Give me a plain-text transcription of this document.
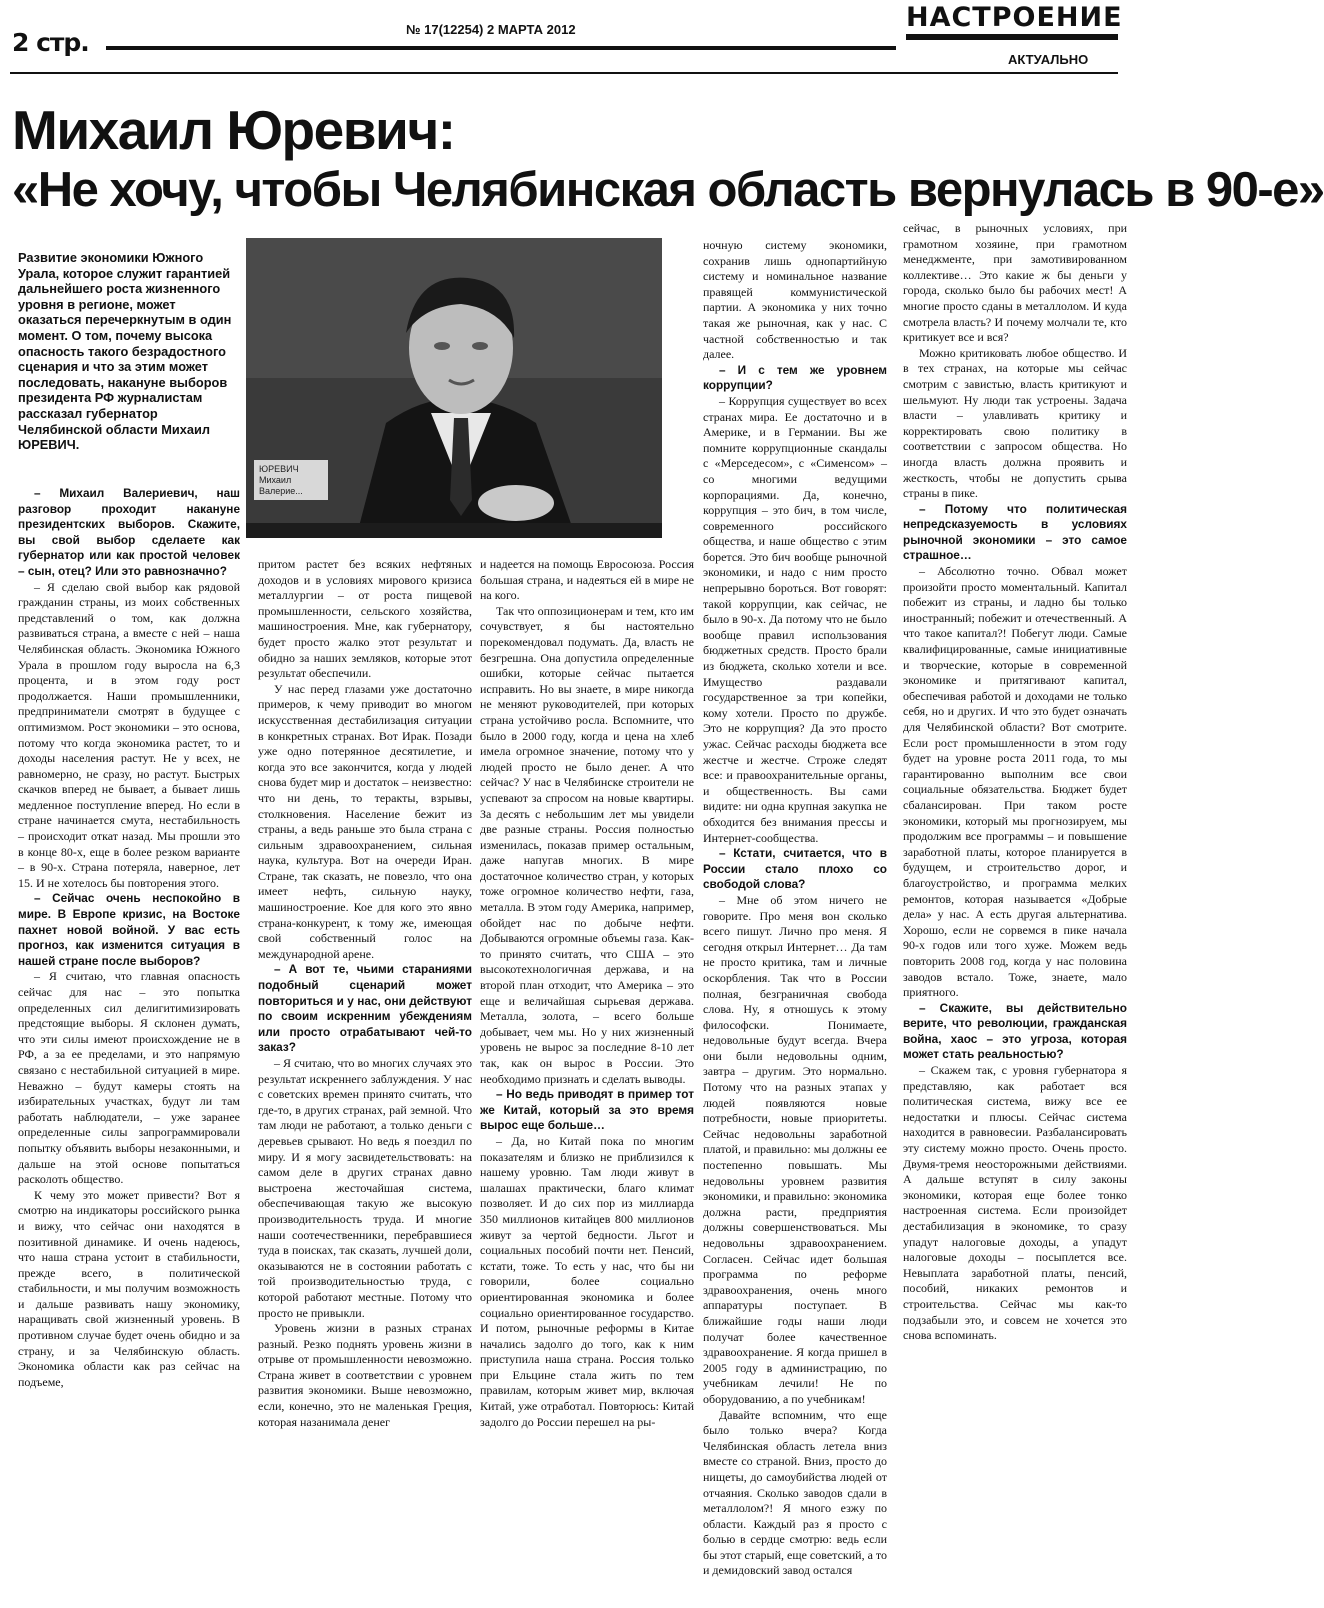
2 стр.	№ 17(12254) 2 МАРТА 2012	НАСТРОЕНИЕ
АКТУАЛЬНО
Михаил Юревич:
«Не хочу, чтобы Челябинская область вернулась в 90-е»
Развитие экономики Южного Урала, которое служит гарантией дальнейшего роста жизненного уровня в регионе, может оказаться перечеркнутым в один момент. О том, почему высока опасность такого безрадостного сценария и что за этим может последовать, накануне выборов президента РФ журналистам рассказал губернатор Челябинской области Михаил ЮРЕВИЧ.
ЮРЕВИЧ Михаил Валерие...

– Михаил Валериевич, наш разговор проходит накануне президентских выборов. Скажите, вы свой выбор сделаете как губернатор или как простой человек – сын, отец? Или это равнозначно?

– Я сделаю свой выбор как рядовой гражданин страны, из моих собственных представлений о том, как должна развиваться страна, а вместе с ней – наша Челябинская область. Экономика Южного Урала в прошлом году выросла на 6,3 процента, и в этом году рост продолжается. Наши промышленники, предприниматели смотрят в будущее с оптимизмом. Рост экономики – это основа, потому что когда экономика растет, то и доходы населения растут. Не у всех, не равномерно, не сразу, но растут. Быстрых скачков вперед не бывает, а бывает лишь медленное поступление вперед. Но если в стране начинается смута, нестабильность – происходит откат назад. Мы прошли это в конце 80-х, еще в более резком варианте – в 90-х. Страна потеряла, наверное, лет 15. И не хотелось бы повторения этого.

– Сейчас очень неспокойно в мире. В Европе кризис, на Востоке пахнет новой войной. У вас есть прогноз, как изменится ситуация в нашей стране после выборов?

– Я считаю, что главная опасность сейчас для нас – это попытка определенных сил делигитимизировать предстоящие выборы. Я склонен думать, что эти силы имеют происхождение не в РФ, а за ее пределами, и это напрямую связано с нестабильной ситуацией в мире. Неважно – будут камеры стоять на избирательных участках, будут ли там работать наблюдатели, – уже заранее определенные силы запрограммировали попытку объявить выборы незаконными, и дальше на этой основе попытаться расколоть общество.

К чему это может привести? Вот я смотрю на индикаторы российского рынка и вижу, что сейчас они находятся в позитивной динамике. И очень надеюсь, что наша страна устоит в стабильности, прежде всего, в политической стабильности, и мы получим возможность и дальше развивать нашу экономику, наращивать свой жизненный уровень. В противном случае будет очень обидно и за страну, и за Челябинскую область. Экономика области как раз сейчас на подъеме,

притом растет без всяких нефтяных доходов и в условиях мирового кризиса металлургии – от роста пищевой промышленности, сельского хозяйства, машиностроения. Мне, как губернатору, будет просто жалко этот результат и обидно за наших земляков, которые этот результат обеспечили.

У нас перед глазами уже достаточно примеров, к чему приводит во многом искусственная дестабилизация ситуации в конкретных странах. Вот Ирак. Позади уже одно потерянное десятилетие, и когда это все закончится, когда у людей снова будет мир и достаток – неизвестно: что ни день, то теракты, взрывы, столкновения. Население бежит из страны, а ведь раньше это была страна с сильным здравоохранением, сильная наука, культура. Вот на очереди Иран. Стране, так сказать, не повезло, что она имеет нефть, сильную науку, машиностроение. Кое для кого это явно страна-конкурент, к тому же, имеющая свой собственный голос на международной арене.

– А вот те, чьими стараниями подобный сценарий может повториться и у нас, они действуют по своим искренним убеждениям или просто отрабатывают чей-то заказ?

– Я считаю, что во многих случаях это результат искреннего заблуждения. У нас с советских времен принято считать, что где-то, в других странах, рай земной. Что там люди не работают, а только деньги с деревьев срывают. Но ведь я поездил по миру. И я могу засвидетельствовать: на самом деле в других странах давно выстроена жесточайшая система, обеспечивающая такую же высокую производительность труда. И многие наши соотечественники, перебравшиеся туда в поисках, так сказать, лучшей доли, оказываются не в состоянии работать с той производительностью труда, с которой работают местные. Потому что просто не привыкли.

Уровень жизни в разных странах разный. Резко поднять уровень жизни в отрыве от промышленности невозможно. Страна живет в соответствии с уровнем развития экономики. Выше невозможно, если, конечно, это не маленькая Греция, которая назанимала денег

и надеется на помощь Евросоюза. Россия большая страна, и надеяться ей в мире не на кого.

Так что оппозиционерам и тем, кто им сочувствует, я бы настоятельно порекомендовал подумать. Да, власть не безгрешна. Она допустила определенные ошибки, которые сейчас пытается исправить. Но вы знаете, в мире никогда не меняют руководителей, при которых страна устойчиво росла. Вспомните, что было в 2000 году, когда и цена на хлеб имела огромное значение, потому что у людей просто не было денег. А что сейчас? У нас в Челябинске строители не успевают за спросом на новые квартиры. За десять с небольшим лет мы увидели две разные страны. Россия полностью изменилась, показав пример остальным, даже напугав многих. В мире достаточное количество стран, у которых тоже огромное количество нефти, газа, металла. В этом году Америка, например, обойдет нас по добыче нефти. Добываются огромные объемы газа. Как-то принято считать, что США – это высокотехнологичная держава, и на второй план отходит, что Америка – это еще и величайшая сырьевая держава. Металла, золота, – всего больше добывает, чем мы. Но у них жизненный уровень не вырос за последние 8-10 лет так, как он вырос в России. Это необходимо признать и сделать выводы.

– Но ведь приводят в пример тот же Китай, который за это время вырос еще больше…

– Да, но Китай пока по многим показателям и близко не приблизился к нашему уровню. Там люди живут в шалашах практически, благо климат позволяет. И до сих пор из миллиарда 350 миллионов китайцев 800 миллионов живут за чертой бедности. Льгот и социальных пособий почти нет. Пенсий, кстати, тоже. То есть у нас, что бы ни говорили, более социально ориентированная экономика и более социально ориентированное государство. И потом, рыночные реформы в Китае начались задолго до того, как к ним приступила наша страна. Россия только при Ельцине стала жить по тем правилам, которым живет мир, включая Китай, уже отработал. Повторюсь: Китай задолго до России перешел на ры-

ночную систему экономики, сохранив лишь однопартийную систему и номинальное название правящей коммунистической партии. А экономика у них точно такая же рыночная, как у нас. С частной собственностью и так далее.

– И с тем же уровнем коррупции?

– Коррупция существует во всех странах мира. Ее достаточно и в Америке, и в Германии. Вы же помните коррупционные скандалы с «Мерседесом», с «Сименсом» – со многими ведущими корпорациями. Да, конечно, коррупция – это бич, в том числе, современного российского общества, и наше общество с этим борется. Это бич вообще рыночной экономики, и надо с ним просто непрерывно бороться. Вот говорят: такой коррупции, как сейчас, не было в 90-х. Да потому что не было вообще правил использования бюджетных средств. Просто брали из бюджета, сколько хотели и все. Имущество раздавали государственное за три копейки, кому хотели. Просто по дружбе. Это не коррупция? Да это просто ужас. Сейчас расходы бюджета все жестче и жестче. Строже следят все: и правоохранительные органы, и общественность. Вы сами видите: ни одна крупная закупка не обходится без внимания прессы и Интернет-сообщества.

– Кстати, считается, что в России стало плохо со свободой слова?

– Мне об этом ничего не говорите. Про меня вон сколько всего пишут. Лично про меня. Я сегодня открыл Интернет… Да там не просто критика, там и личные оскорбления. Так что в России полная, безграничная свобода слова. Ну, я отношусь к этому философски. Понимаете, недовольные будут всегда. Вчера они были недовольны одним, завтра – другим. Это нормально. Потому что на разных этапах у людей появляются новые потребности, новые приоритеты. Сейчас недовольны заработной платой, и правильно: мы должны ее постепенно повышать. Мы недовольны уровнем развития экономики, и правильно: экономика должна расти, предприятия должны совершенствоваться. Мы недовольны здравоохранением. Согласен. Сейчас идет большая программа по реформе здравоохранения, очень много аппаратуры поступает. В ближайшие годы наши люди получат более качественное здравоохранение. Я когда пришел в 2005 году в администрацию, по учебникам лечили! Не по оборудованию, а по учебникам!

Давайте вспомним, что еще было только вчера? Когда Челябинская область летела вниз вместе со страной. Вниз, просто до нищеты, до самоубийства людей от отчаяния. Сколько заводов сдали в металлолом?! Я много езжу по области. Каждый раз я просто с болью в сердце смотрю: ведь если бы этот старый, еще советский, а то и демидовский завод остался

сейчас, в рыночных условиях, при грамотном хозяине, при грамотном менеджменте, при замотивированном коллективе… Это какие ж бы деньги у города, сколько было бы рабочих мест! А многие просто сданы в металлолом. И куда смотрела власть? И почему молчали те, кто критикует все и вся?

Можно критиковать любое общество. И в тех странах, на которые мы сейчас смотрим с завистью, власть критикуют и шельмуют. Ну люди так устроены. Задача власти – улавливать критику и корректировать свою политику в соответствии с запросом общества. Но иногда власть должна проявить и жесткость, чтобы не допустить срыва страны в пике.

– Потому что политическая непредсказуемость в условиях рыночной экономики – это самое страшное…

– Абсолютно точно. Обвал может произойти просто моментальный. Капитал побежит из страны, и ладно бы только иностранный; побежит и отечественный. А что такое капитал?! Побегут люди. Самые квалифицированные, самые инициативные и творческие, которые в современной экономике и притягивают капитал, обеспечивая работой и доходами не только себя, но и других. И что это будет означать для Челябинской области? Вот смотрите. Если рост промышленности в этом году будет на уровне роста 2011 года, то мы гарантированно выполним все свои социальные обязательства. Бюджет будет сбалансирован. При таком росте экономики, который мы прогнозируем, мы продолжим все программы – и повышение заработной платы, которое планируется в будущем, и строительство дорог, и благоустройство, и программа мелких ремонтов, которая называется «Добрые дела» у нас. А есть другая альтернатива. Хорошо, если не сорвемся в пике начала 90-х годов или того хуже. Можем ведь повторить 2008 год, когда у нас половина заводов встало. Тоже, знаете, мало приятного.

– Скажите, вы действительно верите, что революции, гражданская война, хаос – это угроза, которая может стать реальностью?

– Скажем так, с уровня губернатора я представляю, как работает вся политическая система, вижу все ее недостатки и плюсы. Сейчас система находится в равновесии. Разбалансировать эту систему можно просто. Очень просто. Двумя-тремя неосторожными действиями. А дальше вступят в силу законы экономики, которая еще более тонко настроенная система. Если произойдет дестабилизация в экономике, то сразу упадут налоговые доходы, а упадут налоговые доходы – посыплется все. Невыплата заработной платы, пенсий, пособий, никаких ремонтов и строительства. Сейчас мы как-то подзабыли это, и совсем не хочется это снова вспоминать.
